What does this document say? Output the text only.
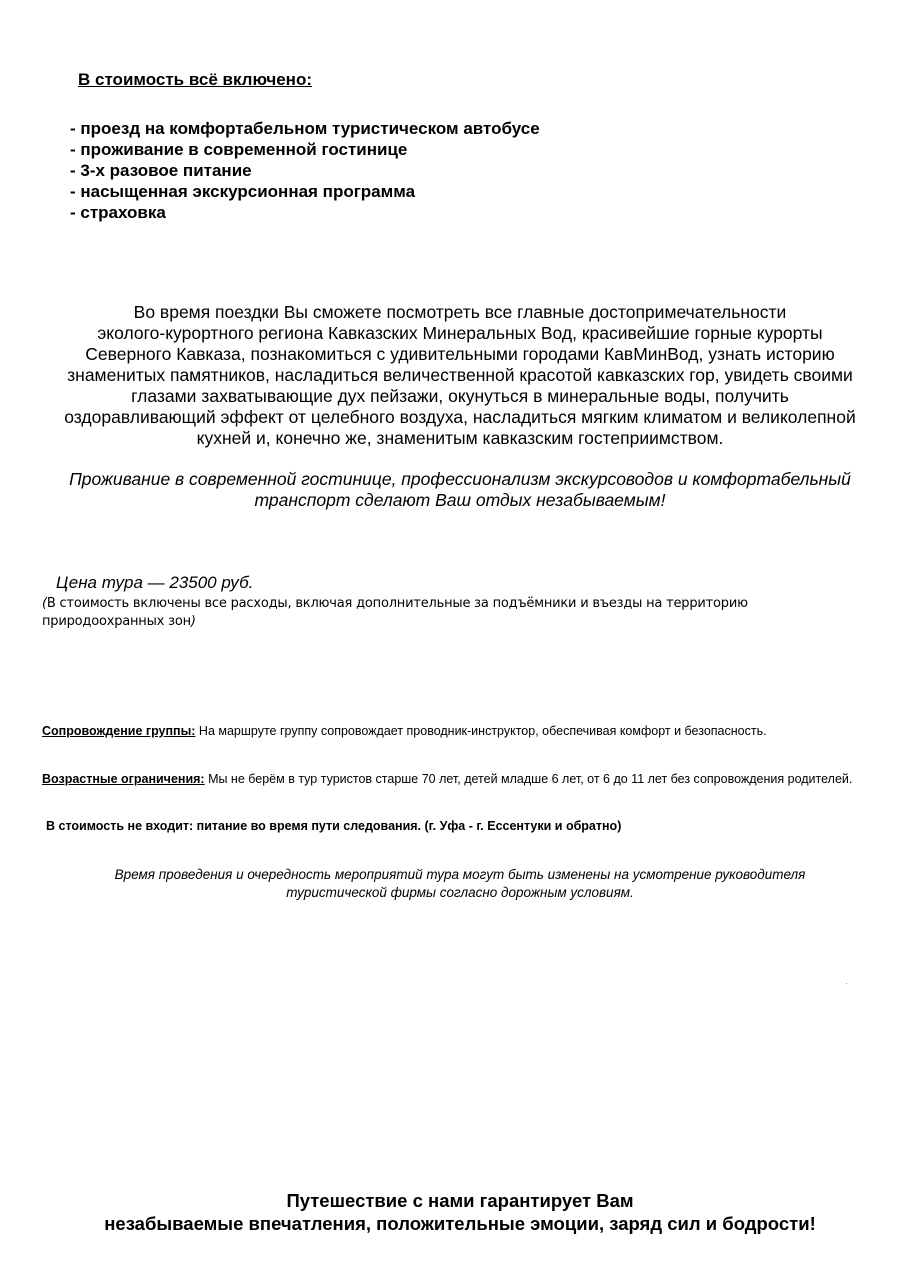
В стоимость всё включено:

- проезд на комфортабельном туристическом автобусе
- проживание в современной гостинице
- 3-х разовое питание
- насыщенная экскурсионная программа
- страховка
Во время поездки Вы сможете посмотреть все главные достопримечательности
эколого-курортного региона Кавказских Минеральных Вод, красивейшие горные курорты
Северного Кавказа, познакомиться с удивительными городами КавМинВод, узнать историю
знаменитых памятников, насладиться величественной красотой кавказских гор, увидеть своими
глазами захватывающие дух пейзажи, окунуться в минеральные воды, получить
оздоравливающий эффект от целебного воздуха, насладиться мягким климатом и великолепной
кухней и, конечно же, знаменитым кавказским гостеприимством.
Проживание в современной гостинице, профессионализм экскурсоводов и комфортабельный
транспорт сделают Ваш отдых незабываемым!

Цена тура — 23500 руб.

(В стоимость включены все расходы, включая дополнительные за подъёмники и въезды на территорию природоохранных зон)

Сопровождение группы: На маршруте группу сопровождает проводник-инструктор, обеспечивая комфорт и безопасность.

Возрастные ограничения: Мы не берём в тур туристов старше 70 лет, детей младше 6 лет, от 6 до 11 лет без сопровождения родителей.

В стоимость не входит: питание во время пути следования. (г. Уфа - г. Ессентуки и обратно)

Время проведения и очередность мероприятий тура могут быть изменены на усмотрение руководителя
туристической фирмы согласно дорожным условиям.
Путешествие с нами гарантирует Вам
незабываемые впечатления, положительные эмоции, заряд сил и бодрости!
